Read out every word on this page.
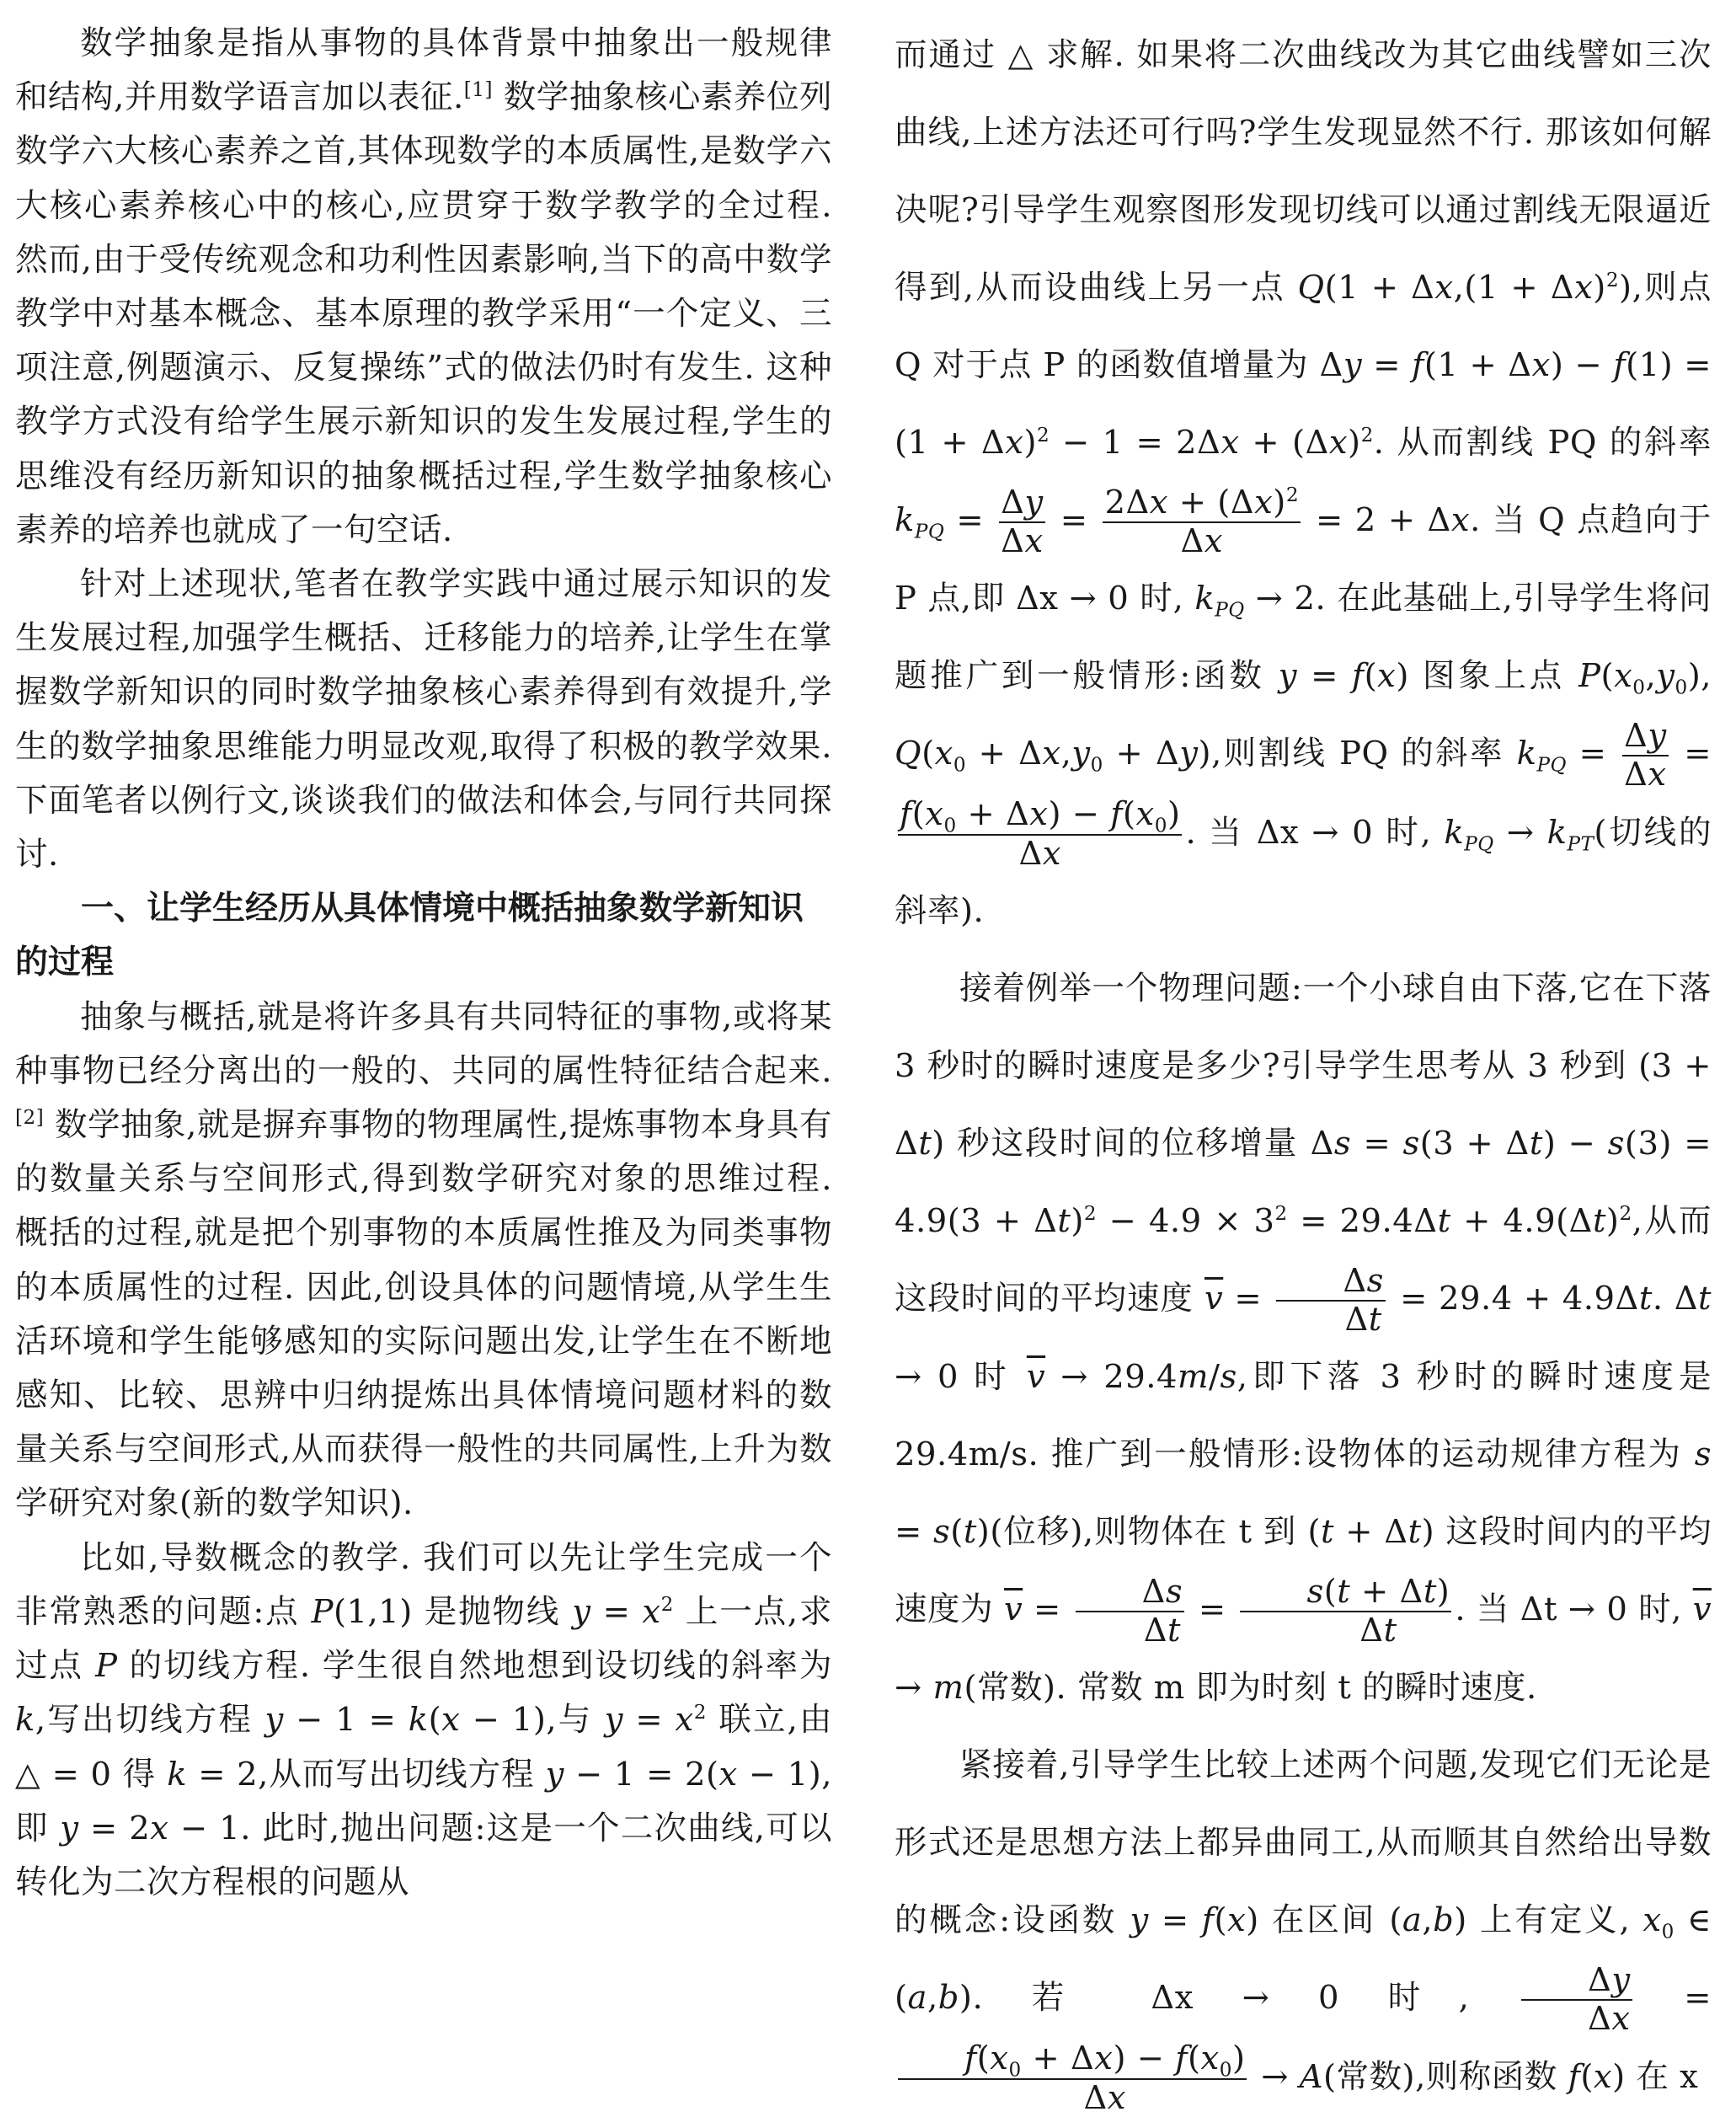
数学抽象是指从事物的具体背景中抽象出一般规律和结构,并用数学语言加以表征.[1] 数学抽象核心素养位列数学六大核心素养之首,其体现数学的本质属性,是数学六大核心素养核心中的核心,应贯穿于数学教学的全过程. 然而,由于受传统观念和功利性因素影响,当下的高中数学教学中对基本概念、基本原理的教学采用“一个定义、三项注意,例题演示、反复操练”式的做法仍时有发生. 这种教学方式没有给学生展示新知识的发生发展过程,学生的思维没有经历新知识的抽象概括过程,学生数学抽象核心素养的培养也就成了一句空话.

针对上述现状,笔者在教学实践中通过展示知识的发生发展过程,加强学生概括、迁移能力的培养,让学生在掌握数学新知识的同时数学抽象核心素养得到有效提升,学生的数学抽象思维能力明显改观,取得了积极的教学效果. 下面笔者以例行文,谈谈我们的做法和体会,与同行共同探讨.

一、让学生经历从具体情境中概括抽象数学新知识的过程

抽象与概括,就是将许多具有共同特征的事物,或将某种事物已经分离出的一般的、共同的属性特征结合起来.[2] 数学抽象,就是摒弃事物的物理属性,提炼事物本身具有的数量关系与空间形式,得到数学研究对象的思维过程. 概括的过程,就是把个别事物的本质属性推及为同类事物的本质属性的过程. 因此,创设具体的问题情境,从学生生活环境和学生能够感知的实际问题出发,让学生在不断地感知、比较、思辨中归纳提炼出具体情境问题材料的数量关系与空间形式,从而获得一般性的共同属性,上升为数学研究对象(新的数学知识).

比如,导数概念的教学. 我们可以先让学生完成一个非常熟悉的问题:点 P(1,1) 是抛物线 $y = x^2$ 上一点,求过点 P 的切线方程. 学生很自然地想到设切线的斜率为 k,写出切线方程 y − 1 = k(x − 1),与 $y = x^2$ 联立,由 △ = 0 得 k = 2,从而写出切线方程 y − 1 = 2(x − 1),即 y = 2x − 1. 此时,抛出问题:这是一个二次曲线,可以转化为二次方程根的问题从

而通过 △ 求解. 如果将二次曲线改为其它曲线譬如三次曲线,上述方法还可行吗?学生发现显然不行. 那该如何解决呢?引导学生观察图形发现切线可以通过割线无限逼近得到,从而设曲线上另一点 $Q(1 + \Delta x,(1 + \Delta x)^2)$,则点 Q 对于点 P 的函数值增量为 $\Delta y = f(1 + \Delta x) - f(1) = (1 + \Delta x)^2 - 1 = 2\Delta x + (\Delta x)^2$. 从而割线 PQ 的斜率 $k_{PQ} = \frac{\Delta y}{\Delta x} = \frac{2\Delta x + (\Delta x)^2}{\Delta x} = 2 + \Delta x$. 当 Q 点趋向于 P 点,即 Δx → 0 时, $k_{PQ} \to 2$. 在此基础上,引导学生将问题推广到一般情形:函数 y = f(x) 图象上点 $P(x_0,y_0)$, $Q(x_0 + \Delta x,y_0 + \Delta y)$,则割线 PQ 的斜率 $k_{PQ} = \frac{\Delta y}{\Delta x}$ =
$\frac{f(x_0 + \Delta x) - f(x_0)}{\Delta x}$ . 当 Δx → 0 时, $k_{PQ} \to k_{PT}$(切线的斜率).

接着例举一个物理问题:一个小球自由下落,它在下落 3 秒时的瞬时速度是多少?引导学生思考从 3 秒到 (3 + Δt) 秒这段时间的位移增量 $\Delta s = s(3 + \Delta t) - s(3) = 4.9(3 + \Delta t)^2 - 4.9 \times 3^2 = 29.4\Delta t + 4.9(\Delta t)^2$,从而这段时间的平均速度 $\overline{v} = \frac{\Delta s}{\Delta t} = 29.4 + 4.9\Delta t$. Δt → 0 时 $\overline{v} \to 29.4m/s$,即下落 3 秒时的瞬时速度是 29.4m/s. 推广到一般情形:设物体的运动规律方程为 s = s(t)(位移),则物体在 t 到 (t + Δt) 这段时间内的平均速度为 $\overline{v} = \frac{\Delta s}{\Delta t} = \frac{s(t + \Delta t)}{\Delta t}$ . 当 Δt → 0 时, $\overline{v} \to m$(常数). 常数 m 即为时刻 t 的瞬时速度.

紧接着,引导学生比较上述两个问题,发现它们无论是形式还是思想方法上都异曲同工,从而顺其自然给出导数的概念:设函数 y = f(x) 在区间 (a,b) 上有定义, $x_0$ ∈ (a,b). 若 Δx → 0 时, $\frac{\Delta y}{\Delta x}$ =
$\frac{f(x_0 + \Delta x) - f(x_0)}{\Delta x} \to A$(常数),则称函数 f(x) 在 x
